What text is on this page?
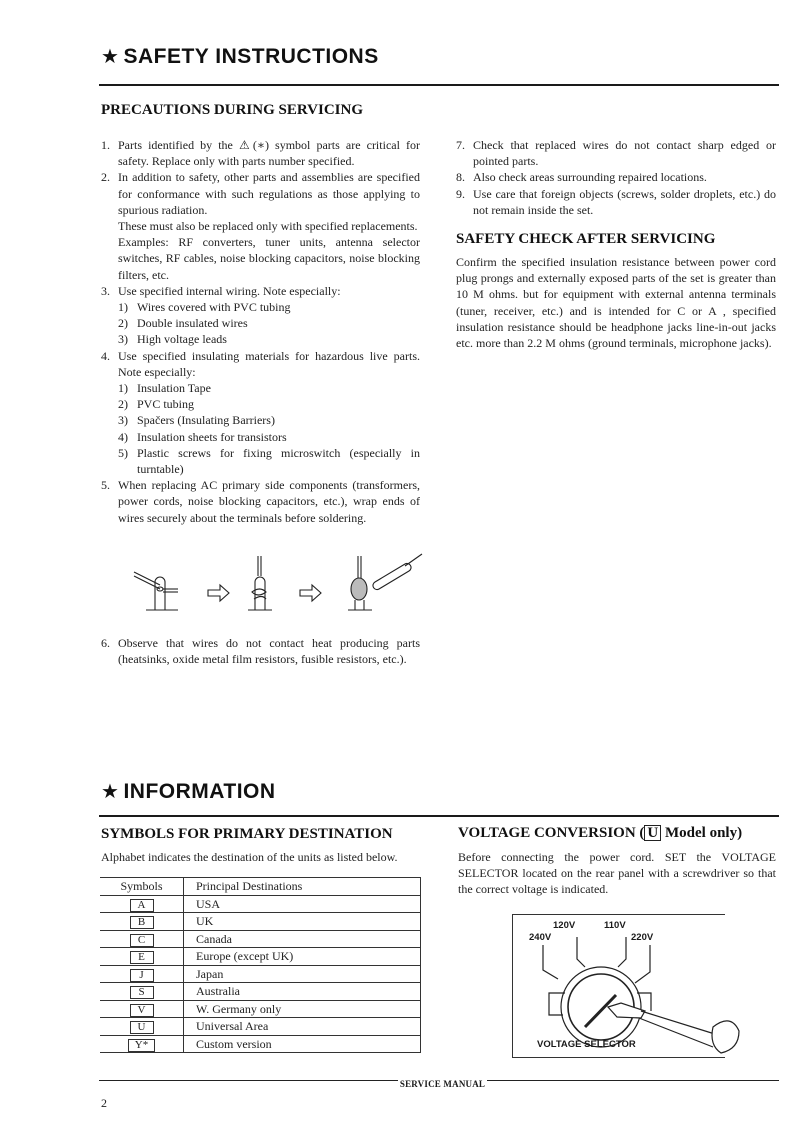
★ SAFETY INSTRUCTIONS
PRECAUTIONS DURING SERVICING
1. Parts identified by the ⚠(∗) symbol parts are critical for safety. Replace only with parts number specified.
2. In addition to safety, other parts and assemblies are specified for conformance with such regulations as those applying to spurious radiation.
These must also be replaced only with specified replacements.
Examples: RF converters, tuner units, antenna selector switches, RF cables, noise blocking capacitors, noise blocking filters, etc.
3. Use specified internal wiring. Note especially:
1) Wires covered with PVC tubing
2) Double insulated wires
3) High voltage leads
4. Use specified insulating materials for hazardous live parts. Note especially:
1) Insulation Tape
2) PVC tubing
3) Spačers (Insulating Barriers)
4) Insulation sheets for transistors
5) Plastic screws for fixing microswitch (especially in turntable)
5. When replacing AC primary side components (transformers, power cords, noise blocking capacitors, etc.), wrap ends of wires securely about the terminals before soldering.
6. Observe that wires do not contact heat producing parts (heatsinks, oxide metal film resistors, fusible resistors, etc.).
7. Check that replaced wires do not contact sharp edged or pointed parts.
8. Also check areas surrounding repaired locations.
9. Use care that foreign objects (screws, solder droplets, etc.) do not remain inside the set.
SAFETY CHECK AFTER SERVICING
Confirm the specified insulation resistance between power cord plug prongs and externally exposed parts of the set is greater than 10 M ohms. but for equipment with external antenna terminals (tuner, receiver, etc.) and is intended for C or A , specified insulation resistance should be headphone jacks line-in-out jacks etc. more than 2.2 M ohms (ground terminals, microphone jacks).
★ INFORMATION
SYMBOLS FOR PRIMARY DESTINATION
Alphabet indicates the destination of the units as listed below.
Symbols	Principal Destinations
A	USA
B	UK
C	Canada
E	Europe (except UK)
J	Japan
S	Australia
V	W. Germany only
U	Universal Area
Y*	Custom version
VOLTAGE CONVERSION ( U Model only)
Before connecting the power cord. SET the VOLTAGE SELECTOR located on the rear panel with a screwdriver so that the correct voltage is indicated.
120V	110V
240V	220V
VOLTAGE SELECTOR
SERVICE MANUAL
2
